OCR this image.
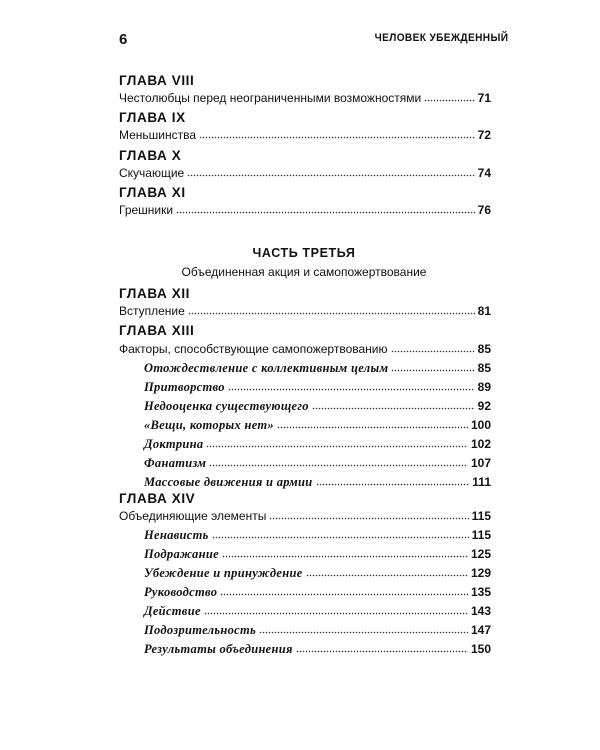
6	ЧЕЛОВЕК УБЕЖДЕННЫЙ
ГЛАВА VIII
Честолюбцы перед неограниченными возможностями	71
ГЛАВА IX
Меньшинства	72
ГЛАВА X
Скучающие	74
ГЛАВА XI
Грешники	76
ЧАСТЬ ТРЕТЬЯ
Объединенная акция и самопожертвование
ГЛАВА XII
Вступление	81
ГЛАВА XIII
Факторы, способствующие самопожертвованию	85
Отождествление с коллективным целым	85
Притворство	89
Недооценка существующего	92
«Вещи, которых нет»	100
Доктрина	102
Фанатизм	107
Массовые движения и армии	111
ГЛАВА XIV
Объединяющие элементы	115
Ненависть	115
Подражание	125
Убеждение и принуждение	129
Руководство	135
Действие	143
Подозрительность	147
Результаты объединения	150
